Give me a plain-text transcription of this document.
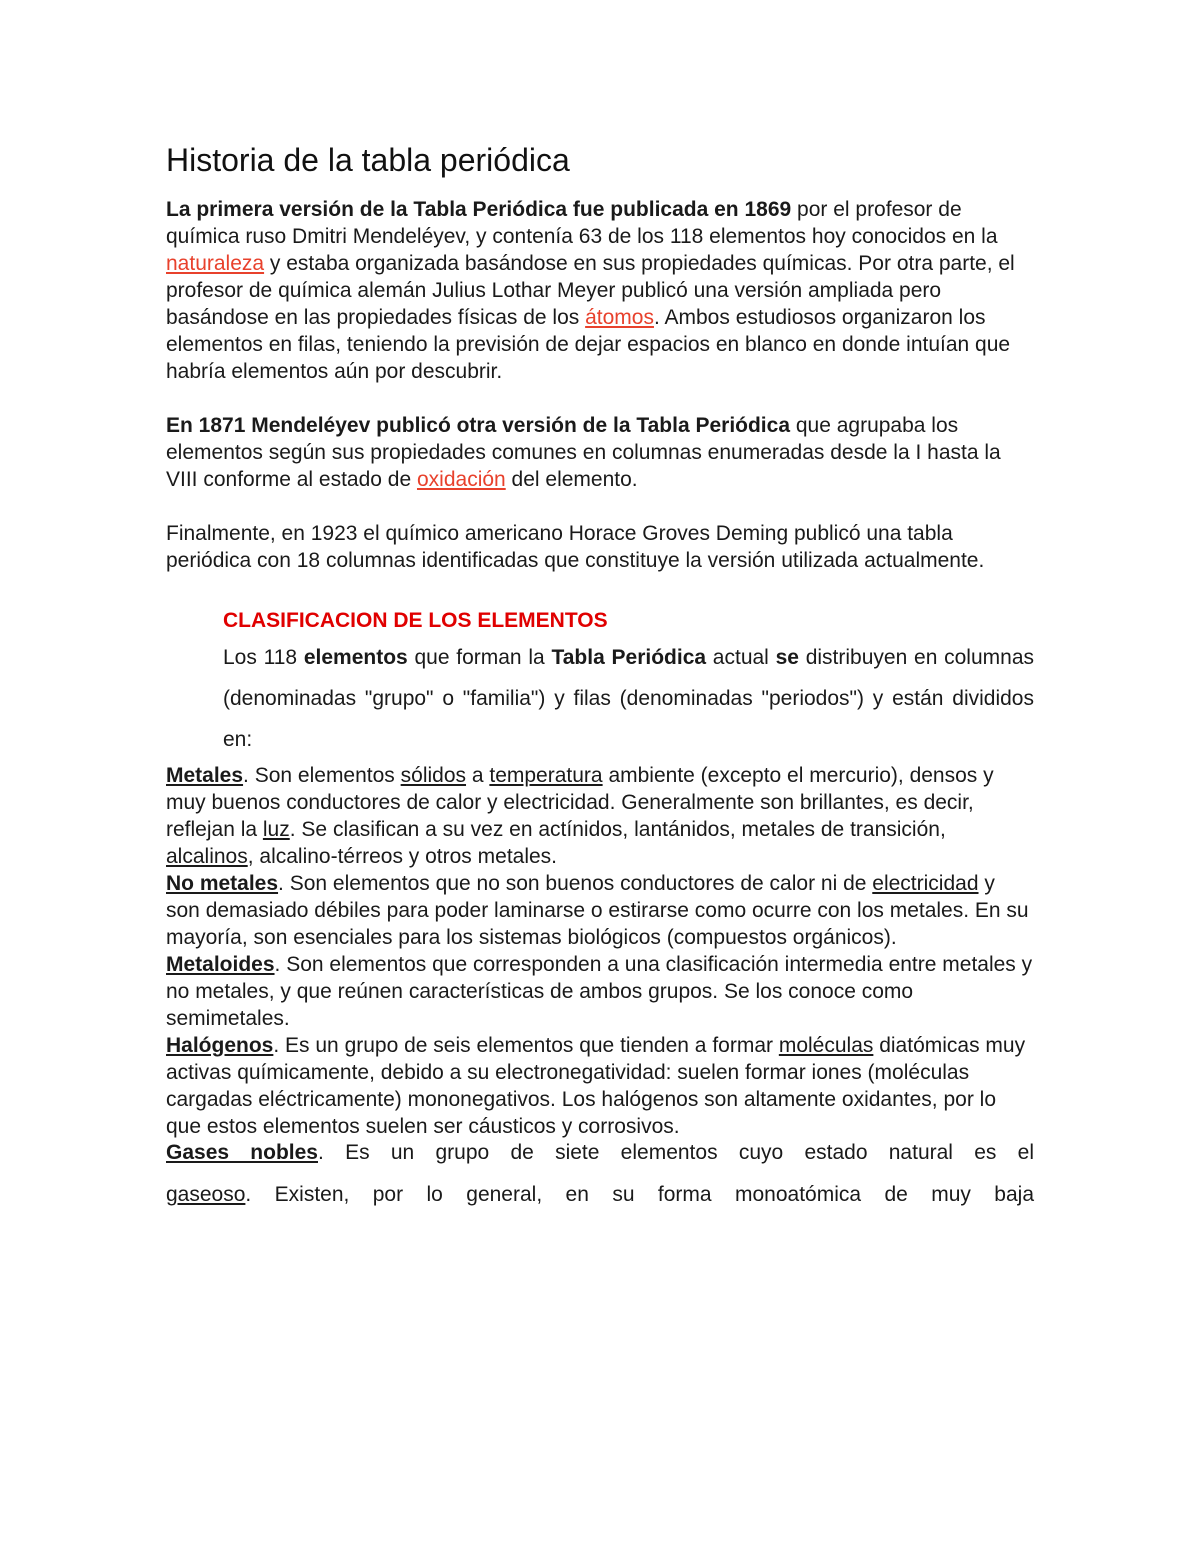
Historia de la tabla periódica

La primera versión de la Tabla Periódica fue publicada en 1869 por el profesor de química ruso Dmitri Mendeléyev, y contenía 63 de los 118 elementos hoy conocidos en la naturaleza y estaba organizada basándose en sus propiedades químicas. Por otra parte, el profesor de química alemán Julius Lothar Meyer publicó una versión ampliada pero basándose en las propiedades físicas de los átomos. Ambos estudiosos organizaron los elementos en filas, teniendo la previsión de dejar espacios en blanco en donde intuían que habría elementos aún por descubrir.

En 1871 Mendeléyev publicó otra versión de la Tabla Periódica que agrupaba los elementos según sus propiedades comunes en columnas enumeradas desde la I hasta la VIII conforme al estado de oxidación del elemento.

Finalmente, en 1923 el químico americano Horace Groves Deming publicó una tabla periódica con 18 columnas identificadas que constituye la versión utilizada actualmente.

CLASIFICACION DE LOS ELEMENTOS

Los 118 elementos que forman la Tabla Periódica actual se distribuyen en columnas (denominadas "grupo" o "familia") y filas (denominadas "periodos") y están divididos en:

Metales. Son elementos sólidos a temperatura ambiente (excepto el mercurio), densos y muy buenos conductores de calor y electricidad. Generalmente son brillantes, es decir, reflejan la luz. Se clasifican a su vez en actínidos, lantánidos, metales de transición, alcalinos, alcalino-térreos y otros metales.

No metales. Son elementos que no son buenos conductores de calor ni de electricidad y son demasiado débiles para poder laminarse o estirarse como ocurre con los metales. En su mayoría, son esenciales para los sistemas biológicos (compuestos orgánicos).

Metaloides. Son elementos que corresponden a una clasificación intermedia entre metales y no metales, y que reúnen características de ambos grupos. Se los conoce como semimetales.

Halógenos. Es un grupo de seis elementos que tienden a formar moléculas diatómicas muy activas químicamente, debido a su electronegatividad: suelen formar iones (moléculas cargadas eléctricamente) mononegativos. Los halógenos son altamente oxidantes, por lo que estos elementos suelen ser cáusticos y corrosivos.

Gases nobles. Es un grupo de siete elementos cuyo estado natural es el gaseoso. Existen, por lo general, en su forma monoatómica de muy baja
